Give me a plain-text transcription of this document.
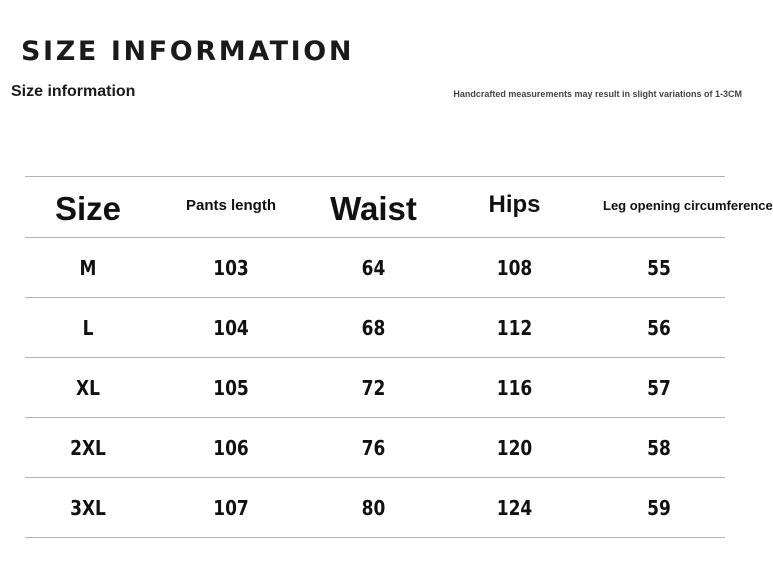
SIZE INFORMATION
Size information	Handcrafted measurements may result in slight variations of 1-3CM
Size	Pants length	Waist	Hips	Leg opening circumference
M	103	64	108	55
L	104	68	112	56
XL	105	72	116	57
2XL	106	76	120	58
3XL	107	80	124	59
